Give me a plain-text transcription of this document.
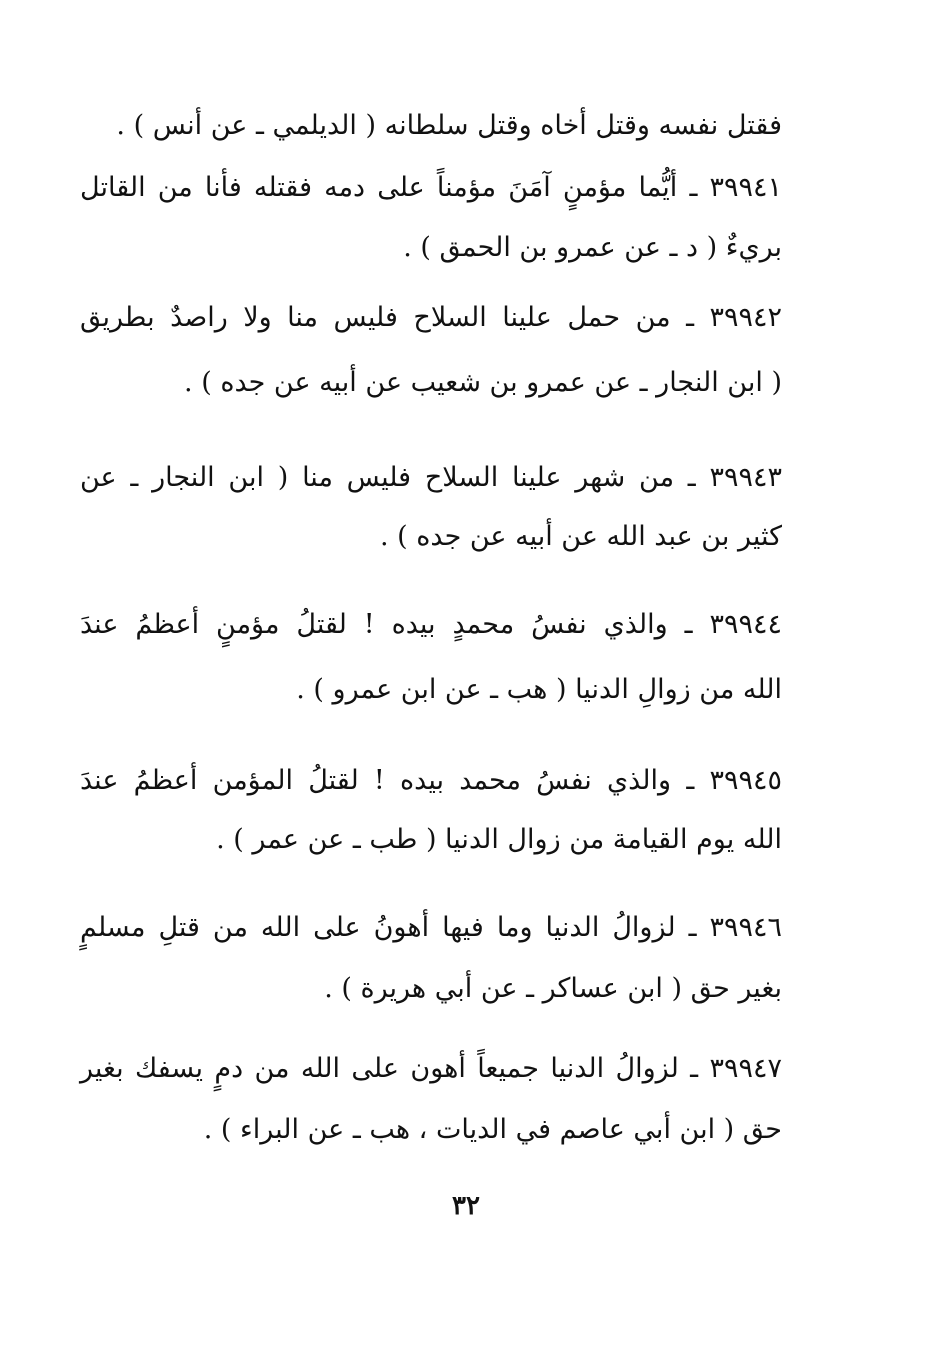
فقتل نفسه وقتل أخاه وقتل سلطانه ( الديلمي ـ عن أنس ) .
٣٩٩٤١ ـ أيُّما مؤمنٍ آمَنَ مؤمناً على دمه فقتله فأنا من القاتل
بريءٌ ( د ـ عن عمرو بن الحمق ) .
٣٩٩٤٢ ـ من حمل علينا السلاح فليس منا ولا راصدٌ بطريق
( ابن النجار ـ عن عمرو بن شعيب عن أبيه عن جده ) .
٣٩٩٤٣ ـ من شهر علينا السلاح فليس منا ( ابن النجار ـ عن
كثير بن عبد الله عن أبيه عن جده ) .
٣٩٩٤٤ ـ والذي نفسُ محمدٍ بيده ! لقتلُ مؤمنٍ أعظمُ عندَ
الله من زوالِ الدنيا ( هب ـ عن ابن عمرو ) .
٣٩٩٤٥ ـ والذي نفسُ محمد بيده ! لقتلُ المؤمن أعظمُ عندَ
الله يوم القيامة من زوال الدنيا ( طب ـ عن عمر ) .
٣٩٩٤٦ ـ لزوالُ الدنيا وما فيها أهونُ على الله من قتلِ مسلمٍ
بغير حق ( ابن عساكر ـ عن أبي هريرة ) .
٣٩٩٤٧ ـ لزوالُ الدنيا جميعاً أهون على الله من دمٍ يسفك بغير
حق ( ابن أبي عاصم في الديات ، هب ـ عن البراء ) .
٣٢
